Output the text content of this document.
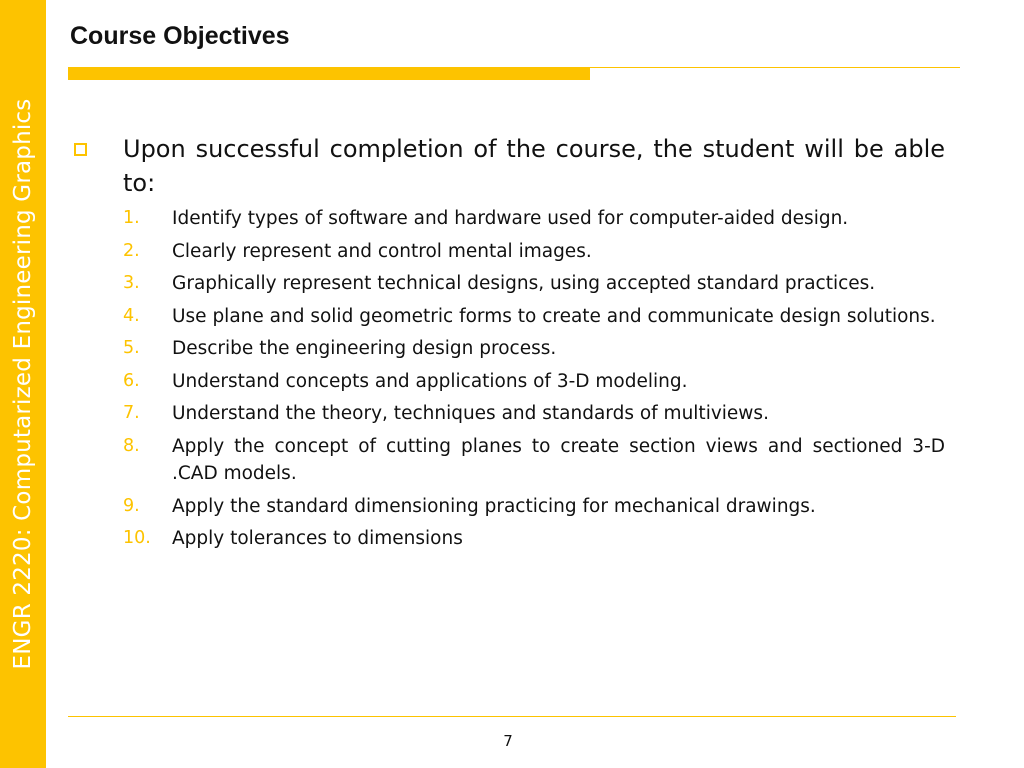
ENGR 2220: Computarized Engineering Graphics
Course Objectives

Upon successful completion of the course, the student will be able to:

1. Identify types of software and hardware used for computer-aided design.
2. Clearly represent and control mental images.
3. Graphically represent technical designs, using accepted standard practices.
4. Use plane and solid geometric forms to create and communicate design solutions.
5. Describe the engineering design process.
6. Understand concepts and applications of 3-D modeling.
7. Understand the theory, techniques and standards of multiviews.
8. Apply the concept of cutting planes to create section views and sectioned 3-D .CAD models.
9. Apply the standard dimensioning practicing for mechanical drawings.
10. Apply tolerances to dimensions
7
